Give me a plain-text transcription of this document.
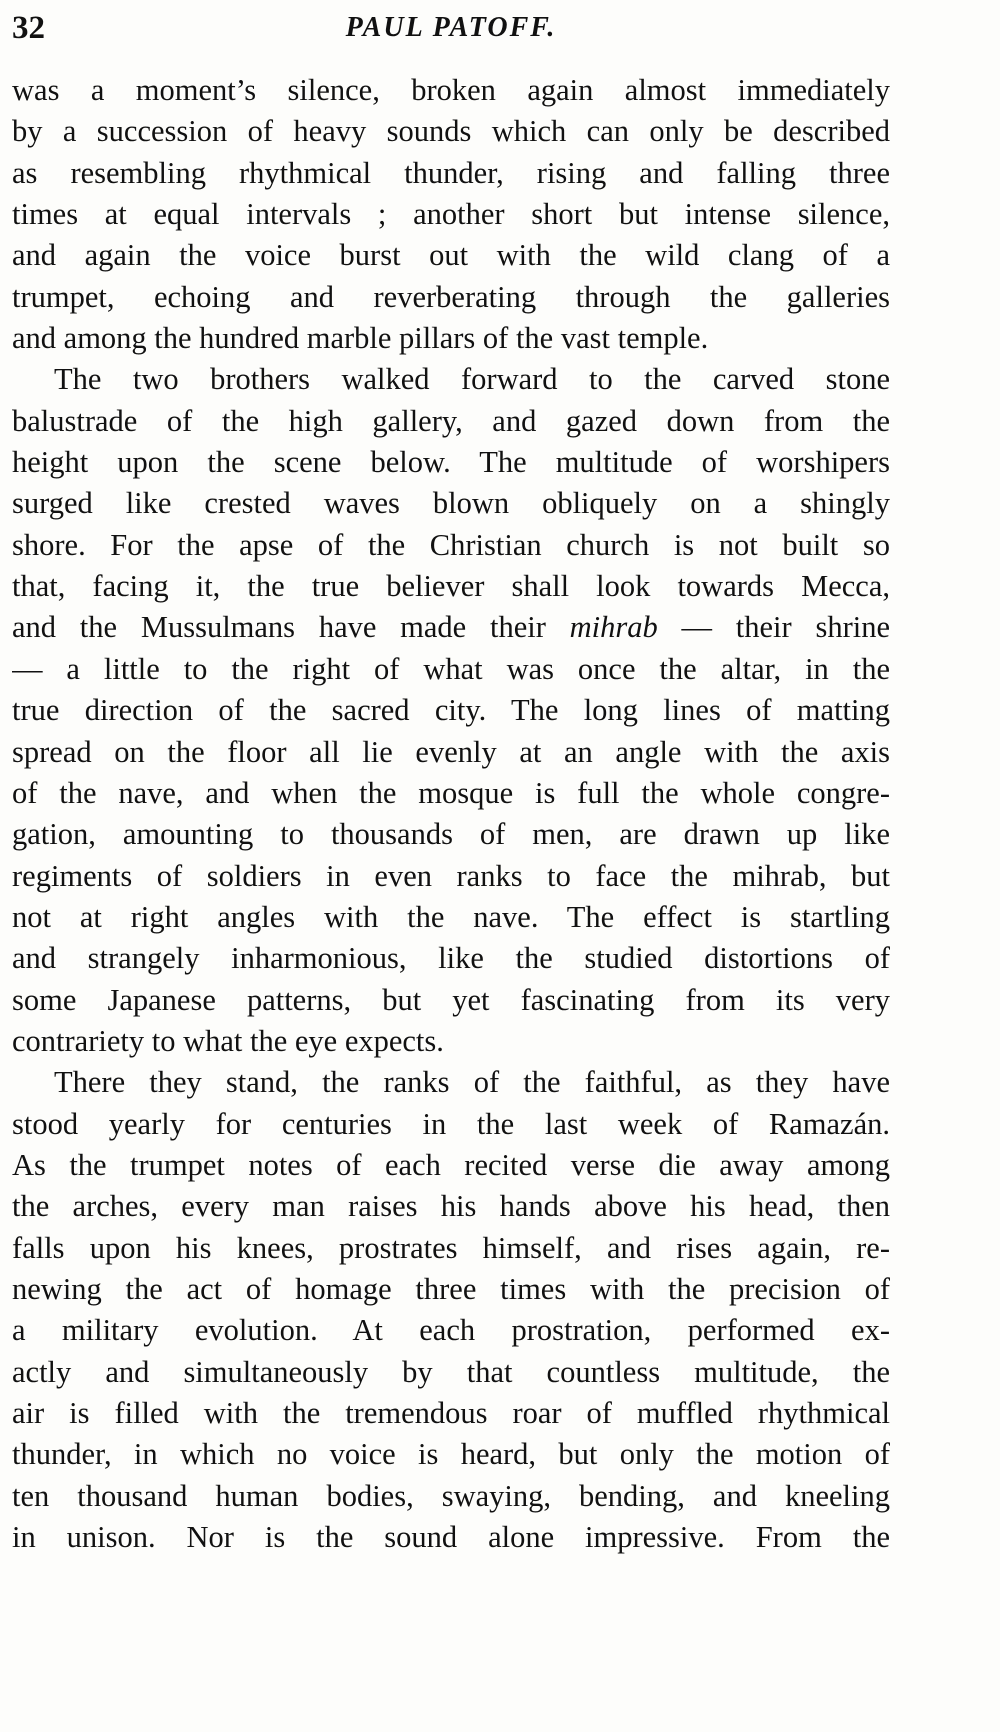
32	PAUL PATOFF.
was a moment’s silence, broken again almost immediately
by a succession of heavy sounds which can only be described
as resembling rhythmical thunder, rising and falling three
times at equal intervals ; another short but intense silence,
and again the voice burst out with the wild clang of a
trumpet, echoing and reverberating through the galleries
and among the hundred marble pillars of the vast temple.
The two brothers walked forward to the carved stone
balustrade of the high gallery, and gazed down from the
height upon the scene below. The multitude of worshipers
surged like crested waves blown obliquely on a shingly
shore. For the apse of the Christian church is not built so
that, facing it, the true believer shall look towards Mecca,
and the Mussulmans have made their mihrab — their shrine
— a little to the right of what was once the altar, in the
true direction of the sacred city. The long lines of matting
spread on the floor all lie evenly at an angle with the axis
of the nave, and when the mosque is full the whole congre-
gation, amounting to thousands of men, are drawn up like
regiments of soldiers in even ranks to face the mihrab, but
not at right angles with the nave. The effect is startling
and strangely inharmonious, like the studied distortions of
some Japanese patterns, but yet fascinating from its very
contrariety to what the eye expects.
There they stand, the ranks of the faithful, as they have
stood yearly for centuries in the last week of Ramazán.
As the trumpet notes of each recited verse die away among
the arches, every man raises his hands above his head, then
falls upon his knees, prostrates himself, and rises again, re-
newing the act of homage three times with the precision of
a military evolution. At each prostration, performed ex-
actly and simultaneously by that countless multitude, the
air is filled with the tremendous roar of muffled rhythmical
thunder, in which no voice is heard, but only the motion of
ten thousand human bodies, swaying, bending, and kneeling
in unison. Nor is the sound alone impressive. From the
